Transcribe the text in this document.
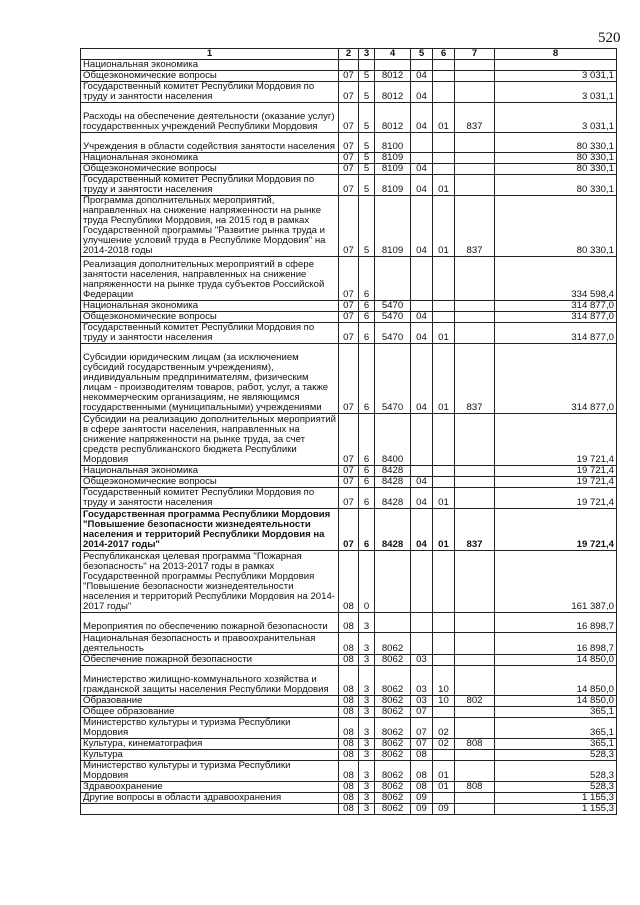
520
1	2	3	4	5	6	7	8
Национальная экономика							
Общеэкономические вопросы	07	5	8012	04			3 031,1
Государственный комитет Республики Мордовия по труду и занятости населения	07	5	8012	04			3 031,1
Расходы на обеспечение деятельности (оказание услуг) государственных учреждений Республики Мордовия	07	5	8012	04	01	837	3 031,1
Учреждения в области содействия занятости населения	07	5	8100				80 330,1
Национальная экономика	07	5	8109				80 330,1
Общеэкономические вопросы	07	5	8109	04			80 330,1
Государственный комитет Республики Мордовия по труду и занятости населения	07	5	8109	04	01		80 330,1
Программа дополнительных мероприятий, направленных на снижение напряженности на рынке труда Республики Мордовия, на 2015 год в рамках Государственной программы "Развитие рынка труда и улучшение условий труда в Республике Мордовия" на 2014-2018 годы	07	5	8109	04	01	837	80 330,1
Реализация дополнительных мероприятий в сфере занятости населения, направленных на снижение напряженности на рынке труда субъектов Российской Федерации	07	6					334 598,4
Национальная экономика	07	6	5470				314 877,0
Общеэкономические вопросы	07	6	5470	04			314 877,0
Государственный комитет Республики Мордовия по труду и занятости населения	07	6	5470	04	01		314 877,0
Субсидии юридическим лицам (за исключением субсидий государственным учреждениям), индивидуальным предпринимателям, физическим лицам - производителям товаров, работ, услуг, а также некоммерческим организациям, не являющимся государственными (муниципальными) учреждениями	07	6	5470	04	01	837	314 877,0
Субсидии на реализацию дополнительных мероприятий в сфере занятости населения, направленных на снижение напряженности на рынке труда, за счет средств республиканского бюджета Республики Мордовия	07	6	8400				19 721,4
Национальная экономика	07	6	8428				19 721,4
Общеэкономические вопросы	07	6	8428	04			19 721,4
Государственный комитет Республики Мордовия по труду и занятости населения	07	6	8428	04	01		19 721,4
Государственная программа Республики Мордовия "Повышение безопасности жизнедеятельности населения и территорий Республики Мордовия на 2014-2017 годы"	07	6	8428	04	01	837	19 721,4
Республиканская целевая программа "Пожарная безопасность" на 2013-2017 годы в рамках Государственной программы Республики Мордовия "Повышение безопасности жизнедеятельности населения и территорий Республики Мордовия на 2014-2017 годы"	08	0					161 387,0
Мероприятия по обеспечению пожарной безопасности	08	3					16 898,7
Национальная безопасность и правоохранительная деятельность	08	3	8062				16 898,7
Обеспечение пожарной безопасности	08	3	8062	03			14 850,0
Министерство жилищно-коммунального хозяйства и гражданской защиты населения Республики Мордовия	08	3	8062	03	10		14 850,0
Образование	08	3	8062	03	10	802	14 850,0
Общее образование	08	3	8062	07			365,1
Министерство культуры и туризма Республики Мордовия	08	3	8062	07	02		365,1
Культура, кинематография	08	3	8062	07	02	808	365,1
Культура	08	3	8062	08			528,3
Министерство культуры и туризма Республики Мордовия	08	3	8062	08	01		528,3
Здравоохранение	08	3	8062	08	01	808	528,3
Другие вопросы в области здравоохранения	08	3	8062	09			1 155,3
	08	3	8062	09	09		1 155,3
